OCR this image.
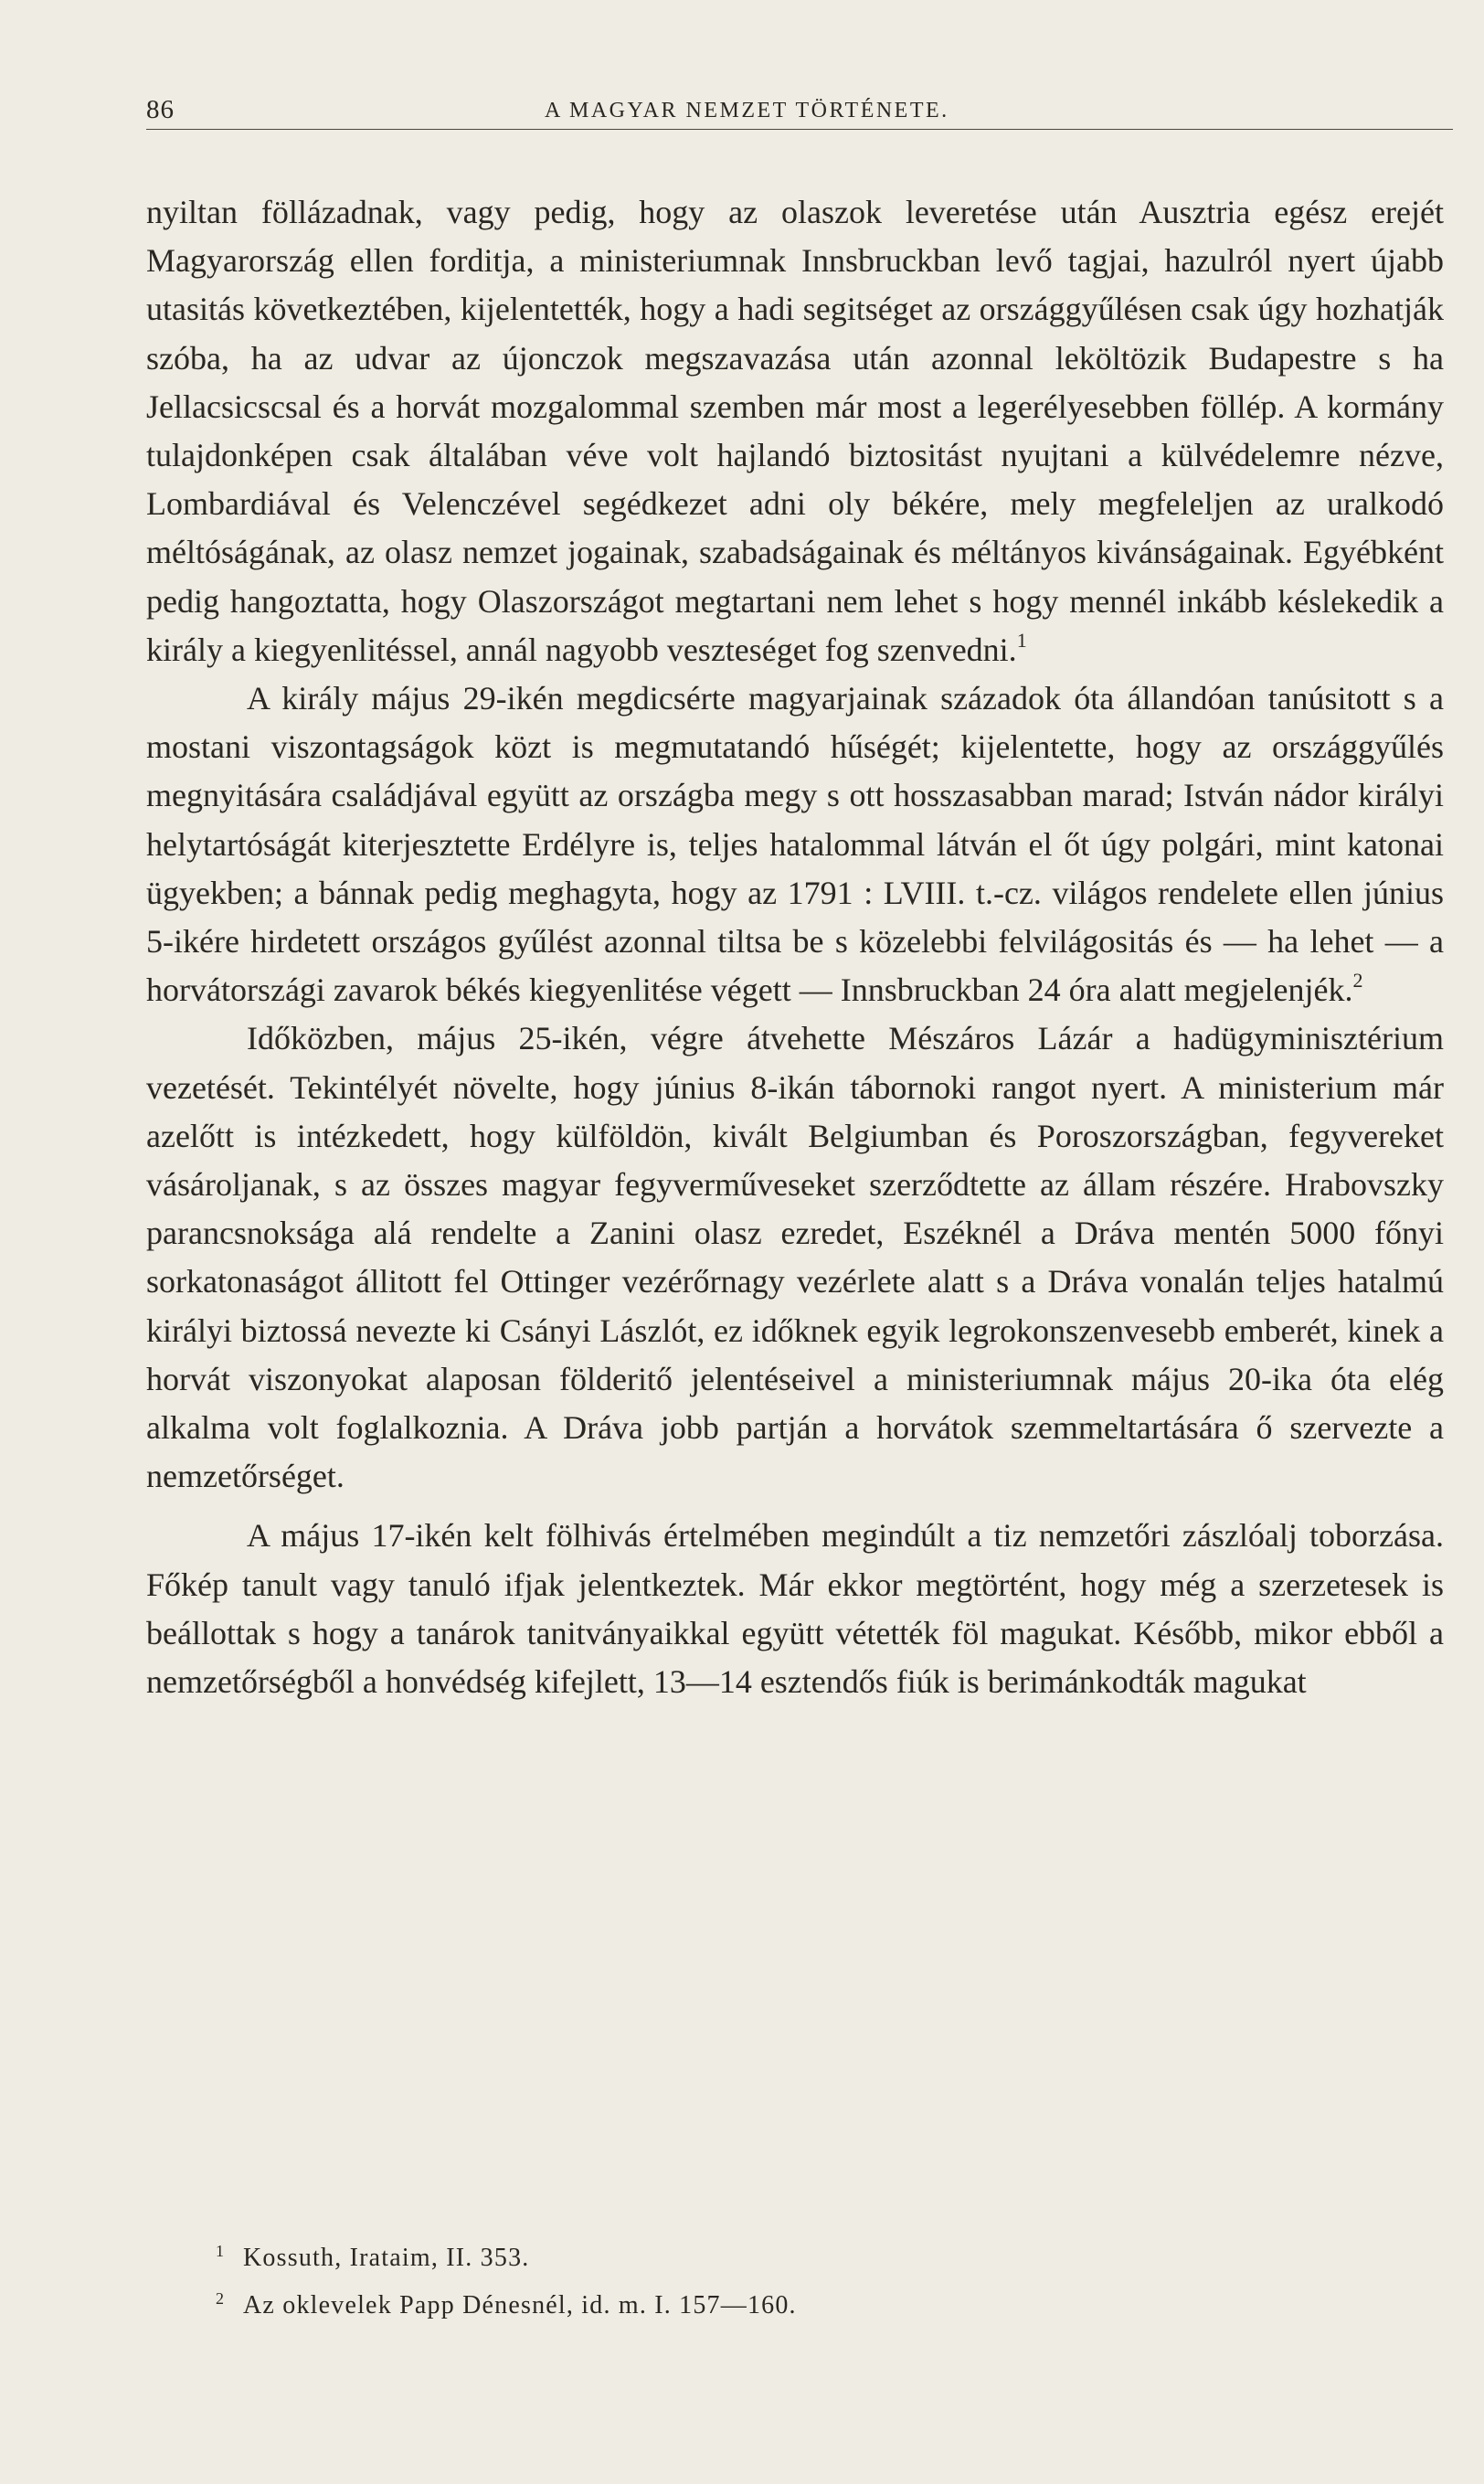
86	A MAGYAR NEMZET TÖRTÉNETE.

nyiltan föllázadnak, vagy pedig, hogy az olaszok leveretése után Ausztria egész erejét Magyarország ellen forditja, a ministeriumnak Innsbruckban levő tagjai, hazulról nyert újabb utasitás következtében, kijelentették, hogy a hadi segitséget az országgyűlésen csak úgy hozhatják szóba, ha az udvar az újonczok megszavazása után azonnal leköltözik Budapestre s ha Jellacsicscsal és a horvát mozgalommal szemben már most a legerélyesebben föllép. A kormány tulajdonképen csak általában véve volt hajlandó biztositást nyujtani a külvédelemre nézve, Lombardiával és Velenczével segédkezet adni oly békére, mely megfeleljen az uralkodó méltóságának, az olasz nemzet jogainak, szabadságainak és méltányos kivánságainak. Egyébként pedig hangoztatta, hogy Olaszországot megtartani nem lehet s hogy mennél inkább késlekedik a király a kiegyenlitéssel, annál nagyobb veszteséget fog szenvedni.$^1$

A király május 29-ikén megdicsérte magyarjainak századok óta állandóan tanúsitott s a mostani viszontagságok közt is megmutatandó hűségét; kijelentette, hogy az országgyűlés megnyitására családjával együtt az országba megy s ott hosszasabban marad; István nádor királyi helytartóságát kiterjesztette Erdélyre is, teljes hatalommal látván el őt úgy polgári, mint katonai ügyekben; a bánnak pedig meghagyta, hogy az 1791 : LVIII. t.-cz. világos rendelete ellen június 5-ikére hirdetett országos gyűlést azonnal tiltsa be s közelebbi felvilágositás és — ha lehet — a horvátországi zavarok békés kiegyenlitése végett — Innsbruckban 24 óra alatt megjelenjék.$^2$

Időközben, május 25-ikén, végre átvehette Mészáros Lázár a hadügyminisztérium vezetését. Tekintélyét növelte, hogy június 8-ikán tábornoki rangot nyert. A ministerium már azelőtt is intézkedett, hogy külföldön, kivált Belgiumban és Poroszországban, fegyvereket vásároljanak, s az összes magyar fegyverműveseket szerződtette az állam részére. Hrabovszky parancsnoksága alá rendelte a Zanini olasz ezredet, Eszéknél a Dráva mentén 5000 főnyi sorkatonaságot állitott fel Ottinger vezérőrnagy vezérlete alatt s a Dráva vonalán teljes hatalmú királyi biztossá nevezte ki Csányi Lászlót, ez időknek egyik legrokonszenvesebb emberét, kinek a horvát viszonyokat alaposan földeritő jelentéseivel a ministeriumnak május 20-ika óta elég alkalma volt foglalkoznia. A Dráva jobb partján a horvátok szemmeltartására ő szervezte a nemzetőrséget.

A május 17-ikén kelt fölhivás értelmében megindúlt a tiz nemzetőri zászlóalj toborzása. Főkép tanult vagy tanuló ifjak jelentkeztek. Már ekkor megtörtént, hogy még a szerzetesek is beállottak s hogy a tanárok tanitványaikkal együtt vétették föl magukat. Később, mikor ebből a nemzetőrségből a honvédség kifejlett, 13—14 esztendős fiúk is berimánkodták magukat

1 Kossuth, Irataim, II. 353.
2 Az oklevelek Papp Dénesnél, id. m. I. 157—160.
